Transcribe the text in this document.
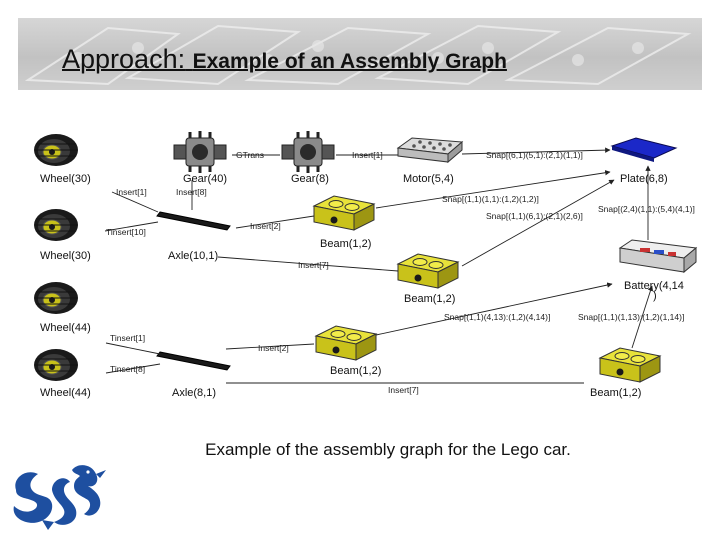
Approach: Example of an Assembly Graph
Wheel(30)	Gear(40)	Gear(8)	Motor(5,4)	Plate(6,8)
Wheel(30)	Axle(10,1)
Beam(1,2)
Beam(1,2)
Battery(4,14
)
Wheel(44)
Wheel(44)	Axle(8,1)
Beam(1,2)
Beam(1,2)
GTrans	Insert[1]	Snap[(6,1)(5,1):(2,1)(1,1)]
Insert[1]	Insert[8]
Tinsert[10]
Insert[2]
Snap[(1,1)(1,1):(1,2)(1,2)]
Snap[(1,1)(6,1):(2,1)(2,6)]
Snap[(2,4)(1,1):(5,4)(4,1)]
Insert[7]
Snap[(1,1)(4,13):(1,2)(4,14)]	Snap[(1,1)(1,13):(1,2)(1,14)]
Tinsert[1]
Insert[2]
Tinsert[8]
Insert[7]
Example of the assembly graph for the Lego car.
